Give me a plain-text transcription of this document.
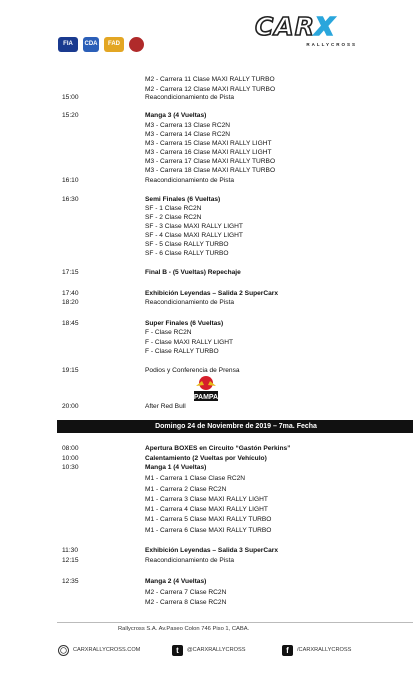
FIA CDA FAD
CARX
RALLYCROSS
M2 - Carrera 11 Clase MAXI RALLY TURBO
M2 - Carrera 12 Clase MAXI RALLY TURBO
15:00	Reacondicionamiento de Pista
15:20	Manga 3 (4 Vueltas)
M3 - Carrera 13 Clase RC2N
M3 - Carrera 14 Clase RC2N
M3 - Carrera 15 Clase MAXI RALLY LIGHT
M3 - Carrera 16 Clase MAXI RALLY LIGHT
M3 - Carrera 17 Clase MAXI RALLY TURBO
M3 - Carrera 18 Clase MAXI RALLY TURBO
16:10	Reacondicionamiento de Pista
16:30	Semi Finales (6 Vueltas)
SF - 1 Clase RC2N
SF - 2 Clase RC2N
SF - 3 Clase MAXI RALLY LIGHT
SF - 4 Clase MAXI RALLY LIGHT
SF - 5 Clase RALLY TURBO
SF - 6 Clase RALLY TURBO
17:15	Final B - (5 Vueltas) Repechaje
17:40	Exhibición Leyendas – Salida 2 SuperCarx
18:20	Reacondicionamiento de Pista
18:45	Super Finales (6 Vueltas)
F - Clase RC2N
F - Clase MAXI RALLY LIGHT
F - Clase RALLY TURBO
19:15	Podios y Conferencia de Prensa
20:00	After Red Bull
PAMPA
Domingo 24 de Noviembre de 2019 – 7ma. Fecha
08:00	Apertura BOXES en Circuito “Gastón Perkins”
10:00	Calentamiento (2 Vueltas por Vehículo)
10:30	Manga 1 (4 Vueltas)
M1 - Carrera 1 Clase Clase RC2N
M1 - Carrera 2 Clase RC2N
M1 - Carrera 3 Clase MAXI RALLY LIGHT
M1 - Carrera 4 Clase MAXI RALLY LIGHT
M1 - Carrera 5 Clase MAXI RALLY TURBO
M1 - Carrera 6 Clase MAXI RALLY TURBO
11:30	Exhibición Leyendas – Salida 3 SuperCarx
12:15	Reacondicionamiento de Pista
12:35	Manga 2 (4 Vueltas)
M2 - Carrera 7 Clase RC2N
M2 - Carrera 8 Clase RC2N
Rallycross S.A. Av.Paseo Colon 746 Piso 1, CABA.
◯	CARXRALLYCROSS.COM	t	@CARXRALLYCROSS	f	/CARXRALLYCROSS
